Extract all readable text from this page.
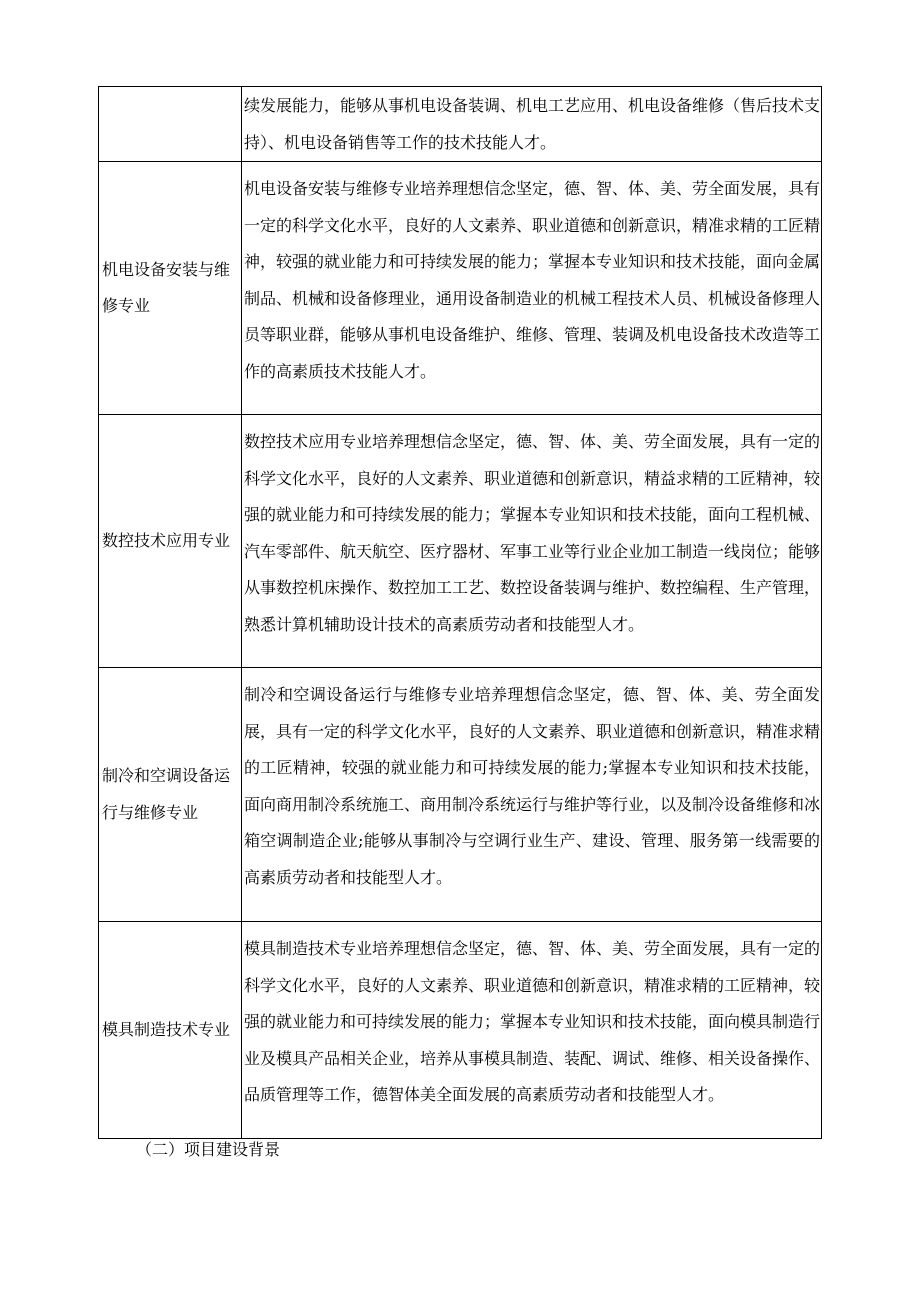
	续发展能力，能够从事机电设备装调、机电工艺应用、机电设备维修（售后技术支持）、机电设备销售等工作的技术技能人才。

机电设备安装与维修专业	机电设备安装与维修专业培养理想信念坚定，德、智、体、美、劳全面发展，具有一定的科学文化水平，良好的人文素养、职业道德和创新意识，精准求精的工匠精神，较强的就业能力和可持续发展的能力；掌握本专业知识和技术技能，面向金属制品、机械和设备修理业，通用设备制造业的机械工程技术人员、机械设备修理人员等职业群，能够从事机电设备维护、维修、管理、装调及机电设备技术改造等工作的高素质技术技能人才。

数控技术应用专业	数控技术应用专业培养理想信念坚定，德、智、体、美、劳全面发展，具有一定的科学文化水平，良好的人文素养、职业道德和创新意识，精益求精的工匠精神，较强的就业能力和可持续发展的能力；掌握本专业知识和技术技能，面向工程机械、汽车零部件、航天航空、医疗器材、军事工业等行业企业加工制造一线岗位；能够从事数控机床操作、数控加工工艺、数控设备装调与维护、数控编程、生产管理，熟悉计算机辅助设计技术的高素质劳动者和技能型人才。

制冷和空调设备运行与维修专业	制冷和空调设备运行与维修专业培养理想信念坚定，德、智、体、美、劳全面发展，具有一定的科学文化水平，良好的人文素养、职业道德和创新意识，精准求精的工匠精神，较强的就业能力和可持续发展的能力;掌握本专业知识和技术技能，面向商用制冷系统施工、商用制冷系统运行与维护等行业，以及制冷设备维修和冰箱空调制造企业;能够从事制冷与空调行业生产、建设、管理、服务第一线需要的高素质劳动者和技能型人才。

模具制造技术专业	模具制造技术专业培养理想信念坚定，德、智、体、美、劳全面发展，具有一定的科学文化水平，良好的人文素养、职业道德和创新意识，精准求精的工匠精神，较强的就业能力和可持续发展的能力；掌握本专业知识和技术技能，面向模具制造行业及模具产品相关企业，培养从事模具制造、装配、调试、维修、相关设备操作、品质管理等工作，德智体美全面发展的高素质劳动者和技能型人才。
（二）项目建设背景
